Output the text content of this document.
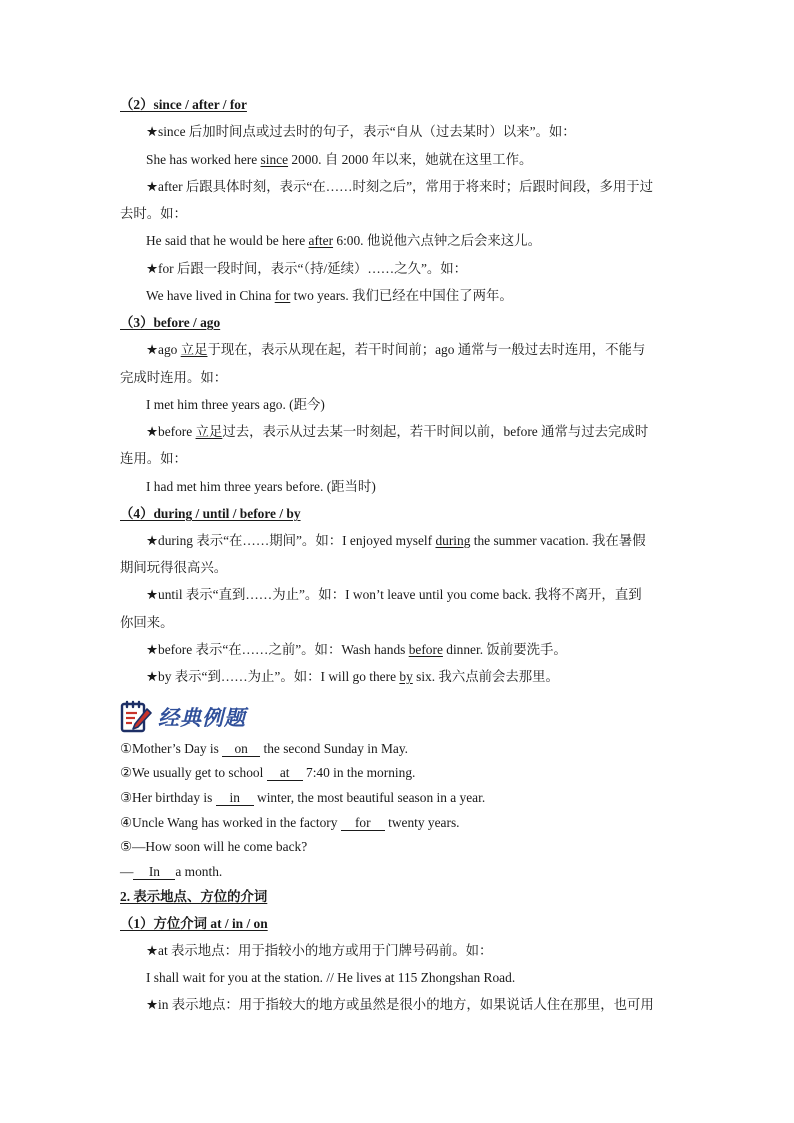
（2）since / after / for
★since 后加时间点或过去时的句子，表示“自从（过去某时）以来”。如：
She has worked here since 2000. 自 2000 年以来，她就在这里工作。
★after 后跟具体时刻，表示“在……时刻之后”，常用于将来时；后跟时间段，多用于过
去时。如：
He said that he would be here after 6:00. 他说他六点钟之后会来这儿。
★for 后跟一段时间，表示“（持/延续）……之久”。如：
We have lived in China for two years. 我们已经在中国住了两年。
（3）before / ago
★ago 立足于现在，表示从现在起，若干时间前；ago 通常与一般过去时连用，不能与
完成时连用。如：
I met him three years ago. (距今)
★before 立足过去，表示从过去某一时刻起，若干时间以前，before 通常与过去完成时
连用。如：
I had met him three years before. (距当时)
（4）during / until / before / by
★during 表示“在……期间”。如：I enjoyed myself during the summer vacation. 我在暑假
期间玩得很高兴。
★until 表示“直到……为止”。如：I won’t leave until you come back. 我将不离开，直到
你回来。
★before 表示“在……之前”。如：Wash hands before dinner. 饭前要洗手。
★by 表示“到……为止”。如：I will go there by six. 我六点前会去那里。
经典例题
①Mother’s Day is on the second Sunday in May.
②We usually get to school at 7:40 in the morning.
③Her birthday is in winter, the most beautiful season in a year.
④Uncle Wang has worked in the factory for twenty years.
⑤—How soon will he come back?
— In a month.
2. 表示地点、方位的介词
（1）方位介词 at / in / on
★at 表示地点：用于指较小的地方或用于门牌号码前。如：
I shall wait for you at the station. // He lives at 115 Zhongshan Road.
★in 表示地点：用于指较大的地方或虽然是很小的地方，如果说话人住在那里，也可用
